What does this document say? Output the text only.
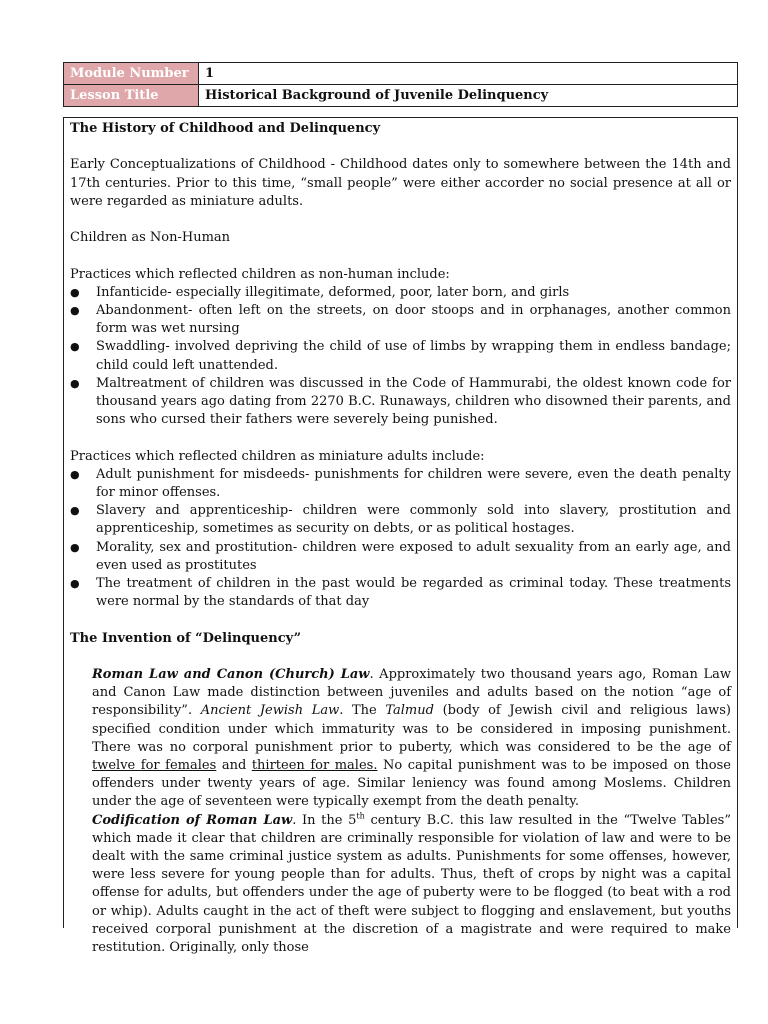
Module Number	1
Lesson Title	Historical Background of Juvenile Delinquency

The History of Childhood and Delinquency

Early Conceptualizations of Childhood - Childhood dates only to somewhere between the 14th and 17th centuries. Prior to this time, “small people” were either accorder no social presence at all or were regarded as miniature adults.

Children as Non-Human

Practices which reflected children as non-human include:

● Infanticide- especially illegitimate, deformed, poor, later born, and girls
● Abandonment- often left on the streets, on door stoops and in orphanages, another common form was wet nursing
● Swaddling- involved depriving the child of use of limbs by wrapping them in endless bandage; child could left unattended.
● Maltreatment of children was discussed in the Code of Hammurabi, the oldest known code for thousand years ago dating from 2270 B.C. Runaways, children who disowned their parents, and sons who cursed their fathers were severely being punished.

Practices which reflected children as miniature adults include:

● Adult punishment for misdeeds- punishments for children were severe, even the death penalty for minor offenses.
● Slavery and apprenticeship- children were commonly sold into slavery, prostitution and apprenticeship, sometimes as security on debts, or as political hostages.
● Morality, sex and prostitution- children were exposed to adult sexuality from an early age, and even used as prostitutes
● The treatment of children in the past would be regarded as criminal today. These treatments were normal by the standards of that day

The Invention of “Delinquency”

Roman Law and Canon (Church) Law. Approximately two thousand years ago, Roman Law and Canon Law made distinction between juveniles and adults based on the notion “age of responsibility”. Ancient Jewish Law. The Talmud (body of Jewish civil and religious laws) specified condition under which immaturity was to be considered in imposing punishment. There was no corporal punishment prior to puberty, which was considered to be the age of twelve for females and thirteen for males. No capital punishment was to be imposed on those offenders under twenty years of age. Similar leniency was found among Moslems. Children under the age of seventeen were typically exempt from the death penalty.

Codification of Roman Law. In the 5th century B.C. this law resulted in the “Twelve Tables” which made it clear that children are criminally responsible for violation of law and were to be dealt with the same criminal justice system as adults. Punishments for some offenses, however, were less severe for young people than for adults. Thus, theft of crops by night was a capital offense for adults, but offenders under the age of puberty were to be flogged (to beat with a rod or whip). Adults caught in the act of theft were subject to flogging and enslavement, but youths received corporal punishment at the discretion of a magistrate and were required to make restitution. Originally, only those
